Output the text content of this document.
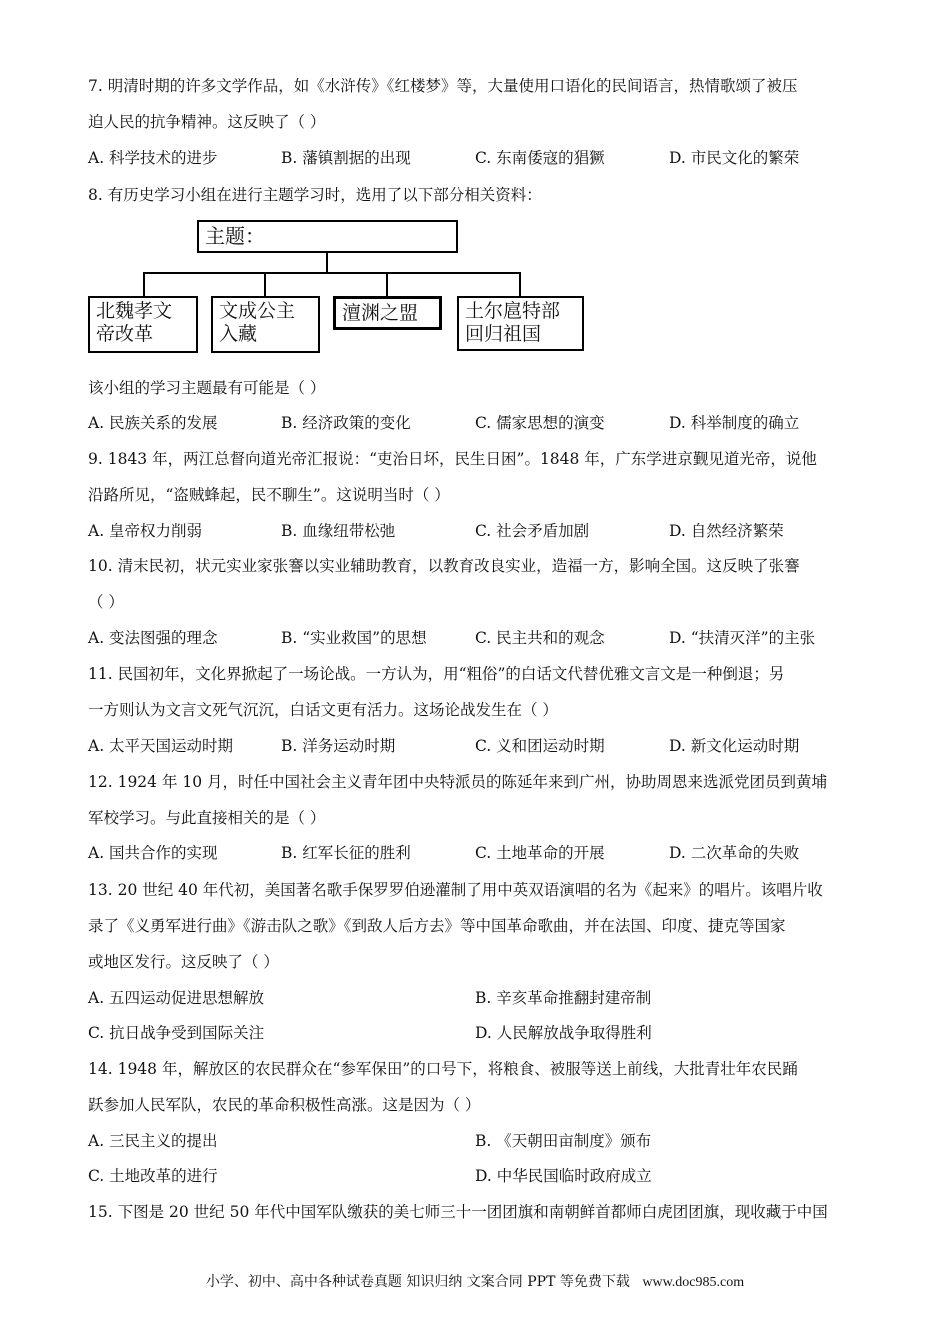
7. 明清时期的许多文学作品，如《水浒传》《红楼梦》等，大量使用口语化的民间语言，热情歌颂了被压
迫人民的抗争精神。这反映了（ ）
A. 科学技术的进步	B. 藩镇割据的出现	C. 东南倭寇的猖獗	D. 市民文化的繁荣
8. 有历史学习小组在进行主题学习时，选用了以下部分相关资料：
主题：
北魏孝文
帝改革
文成公主
入藏
澶渊之盟	土尔扈特部
回归祖国
该小组的学习主题最有可能是（ ）
A. 民族关系的发展	B. 经济政策的变化	C. 儒家思想的演变	D. 科举制度的确立
9. 1843 年，两江总督向道光帝汇报说：“吏治日坏，民生日困”。1848 年，广东学进京觐见道光帝，说他
沿路所见，“盗贼蜂起，民不聊生”。这说明当时（ ）
A. 皇帝权力削弱	B. 血缘纽带松弛	C. 社会矛盾加剧	D. 自然经济繁荣
10. 清末民初，状元实业家张謇以实业辅助教育，以教育改良实业，造福一方，影响全国。这反映了张謇
（ ）
A. 变法图强的理念	B. “实业救国”的思想	C. 民主共和的观念	D. “扶清灭洋”的主张
11. 民国初年，文化界掀起了一场论战。一方认为，用“粗俗”的白话文代替优雅文言文是一种倒退；另
一方则认为文言文死气沉沉，白话文更有活力。这场论战发生在（ ）
A. 太平天国运动时期	B. 洋务运动时期	C. 义和团运动时期	D. 新文化运动时期
12. 1924 年 10 月，时任中国社会主义青年团中央特派员的陈延年来到广州，协助周恩来选派党团员到黄埔
军校学习。与此直接相关的是（ ）
A. 国共合作的实现	B. 红军长征的胜利	C. 土地革命的开展	D. 二次革命的失败
13. 20 世纪 40 年代初，美国著名歌手保罗罗伯逊灌制了用中英双语演唱的名为《起来》的唱片。该唱片收
录了《义勇军进行曲》《游击队之歌》《到敌人后方去》等中国革命歌曲，并在法国、印度、捷克等国家
或地区发行。这反映了（ ）
A. 五四运动促进思想解放	B. 辛亥革命推翻封建帝制
C. 抗日战争受到国际关注	D. 人民解放战争取得胜利
14. 1948 年，解放区的农民群众在“参军保田”的口号下，将粮食、被服等送上前线，大批青壮年农民踊
跃参加人民军队，农民的革命积极性高涨。这是因为（ ）
A. 三民主义的提出	B. 《天朝田亩制度》颁布
C. 土地改革的进行	D. 中华民国临时政府成立
15. 下图是 20 世纪 50 年代中国军队缴获的美七师三十一团团旗和南朝鲜首都师白虎团团旗，现收藏于中国
小学、初中、高中各种试卷真题 知识归纳 文案合同 PPT 等免费下载 www.doc985.com
